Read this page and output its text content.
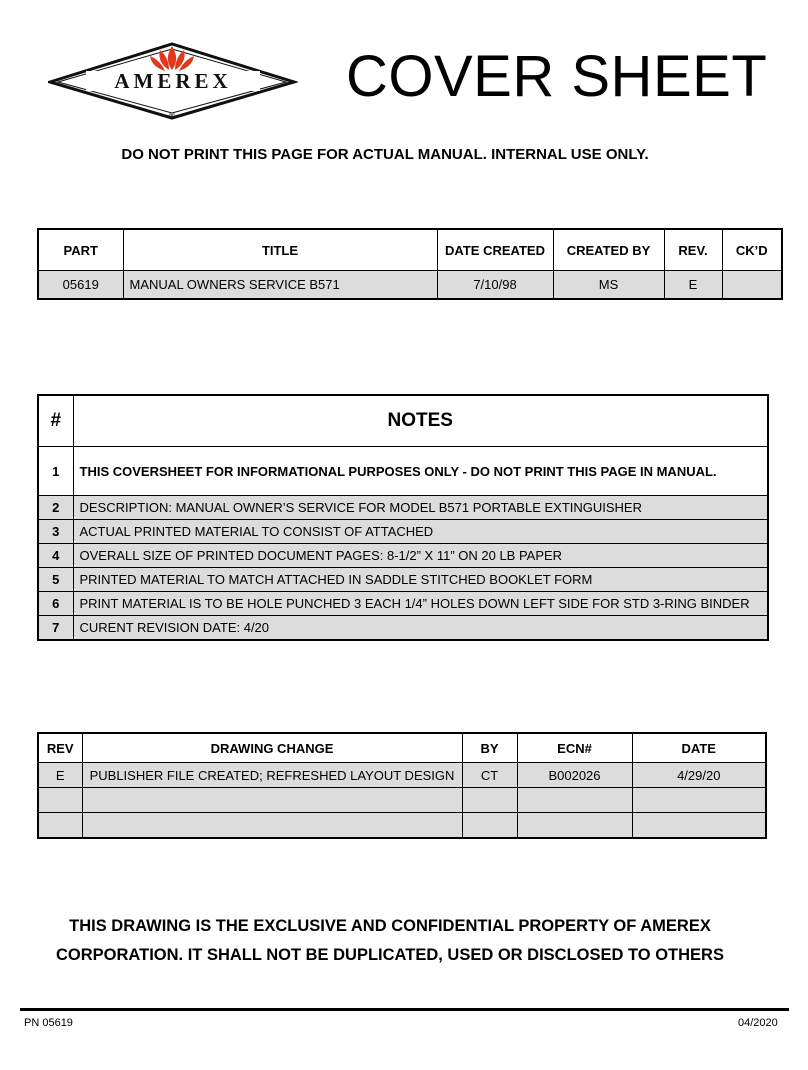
AMEREX
®
COVER SHEET
DO NOT PRINT THIS PAGE FOR ACTUAL MANUAL. INTERNAL USE ONLY.
PART	TITLE	DATE CREATED	CREATED BY	REV.	CK’D
05619	MANUAL OWNERS SERVICE B571	7/10/98	MS	E	
#	NOTES
1	THIS COVERSHEET FOR INFORMATIONAL PURPOSES ONLY - DO NOT PRINT THIS PAGE IN MANUAL.
2	DESCRIPTION: MANUAL OWNER’S SERVICE FOR MODEL B571 PORTABLE EXTINGUISHER
3	ACTUAL PRINTED MATERIAL TO CONSIST OF ATTACHED
4	OVERALL SIZE OF PRINTED DOCUMENT PAGES: 8-1/2” X 11” ON 20 LB PAPER
5	PRINTED MATERIAL TO MATCH ATTACHED IN SADDLE STITCHED BOOKLET FORM
6	PRINT MATERIAL IS TO BE HOLE PUNCHED 3 EACH 1/4” HOLES DOWN LEFT SIDE FOR STD 3-RING BINDER
7	CURENT REVISION DATE: 4/20
REV	DRAWING CHANGE	BY	ECN#	DATE
E	PUBLISHER FILE CREATED; REFRESHED LAYOUT DESIGN	CT	B002026	4/29/20

THIS DRAWING IS THE EXCLUSIVE AND CONFIDENTIAL PROPERTY OF AMEREX
CORPORATION. IT SHALL NOT BE DUPLICATED, USED OR DISCLOSED TO OTHERS
PN 05619	04/2020
